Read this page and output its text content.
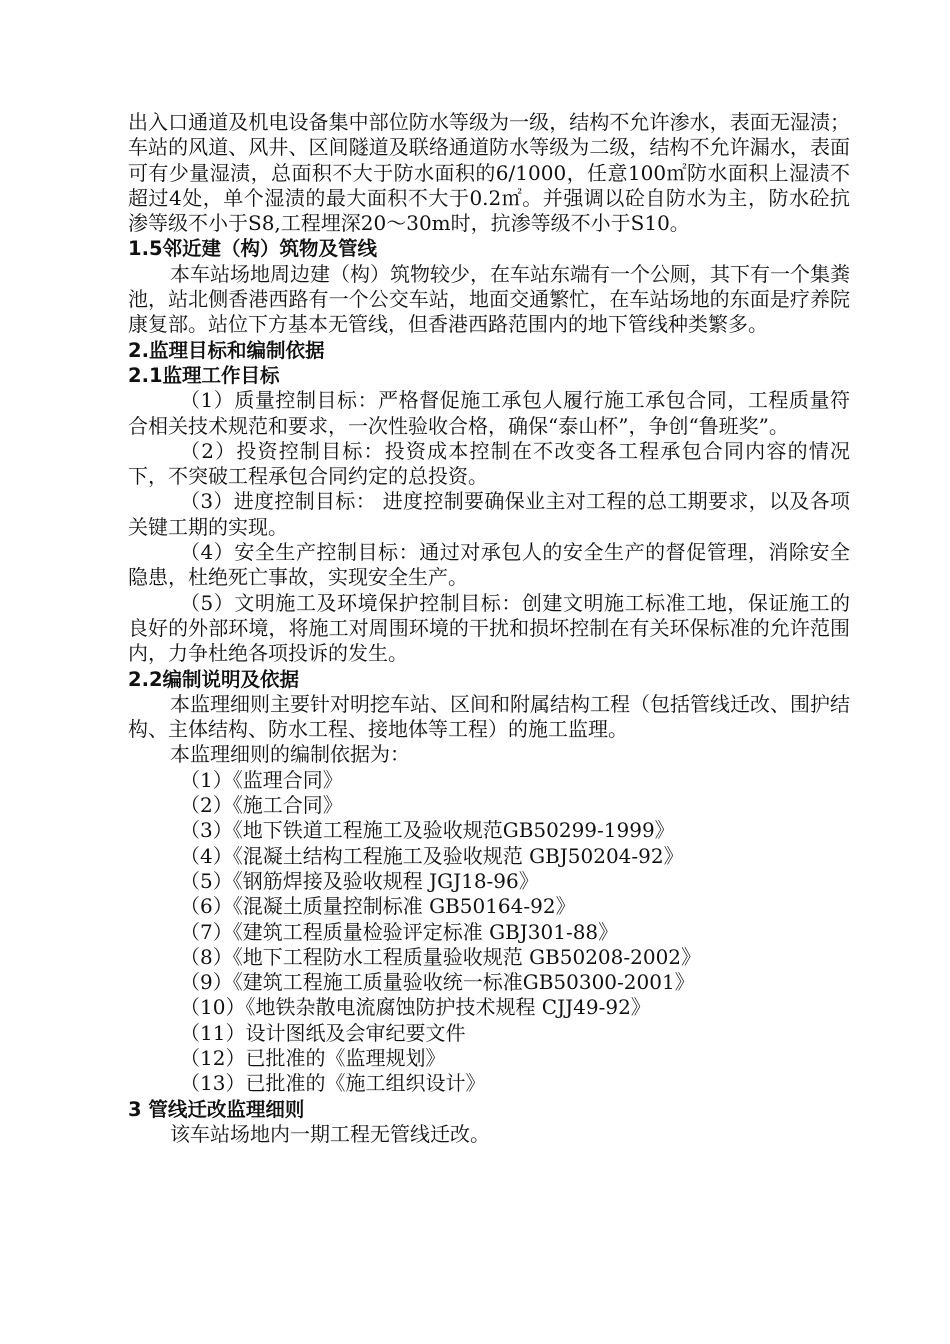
出入口通道及机电设备集中部位防水等级为一级，结构不允许渗水，表面无湿渍；车站的风道、风井、区间隧道及联络通道防水等级为二级，结构不允许漏水，表面可有少量湿渍，总面积不大于防水面积的6/1000，任意100㎡防水面积上湿渍不超过4处，单个湿渍的最大面积不大于0.2㎡。并强调以砼自防水为主，防水砼抗渗等级不小于S8,工程埋深20～30m时，抗渗等级不小于S10。

1.5邻近建（构）筑物及管线

本车站场地周边建（构）筑物较少，在车站东端有一个公厕，其下有一个集粪池，站北侧香港西路有一个公交车站，地面交通繁忙，在车站场地的东面是疗养院康复部。站位下方基本无管线，但香港西路范围内的地下管线种类繁多。

2.监理目标和编制依据
2.1监理工作目标

（1）质量控制目标：严格督促施工承包人履行施工承包合同，工程质量符合相关技术规范和要求，一次性验收合格，确保“泰山杯”，争创“鲁班奖”。

（2）投资控制目标：投资成本控制在不改变各工程承包合同内容的情况下，不突破工程承包合同约定的总投资。

（3）进度控制目标： 进度控制要确保业主对工程的总工期要求，以及各项关键工期的实现。

（4）安全生产控制目标：通过对承包人的安全生产的督促管理，消除安全隐患，杜绝死亡事故，实现安全生产。

（5）文明施工及环境保护控制目标：创建文明施工标准工地，保证施工的良好的外部环境，将施工对周围环境的干扰和损坏控制在有关环保标准的允许范围内，力争杜绝各项投诉的发生。

2.2编制说明及依据

本监理细则主要针对明挖车站、区间和附属结构工程（包括管线迁改、围护结构、主体结构、防水工程、接地体等工程）的施工监理。

本监理细则的编制依据为：

（1）《监理合同》

（2）《施工合同》

（3）《地下铁道工程施工及验收规范GB50299-1999》

（4）《混凝土结构工程施工及验收规范 GBJ50204-92》

（5）《钢筋焊接及验收规程 JGJ18-96》

（6）《混凝土质量控制标准 GB50164-92》

（7）《建筑工程质量检验评定标准 GBJ301-88》

（8）《地下工程防水工程质量验收规范 GB50208-2002》

（9）《建筑工程施工质量验收统一标准GB50300-2001》

（10）《地铁杂散电流腐蚀防护技术规程 CJJ49-92》

（11）设计图纸及会审纪要文件

（12）已批准的《监理规划》

（13）已批准的《施工组织设计》

3 管线迁改监理细则

该车站场地内一期工程无管线迁改。
